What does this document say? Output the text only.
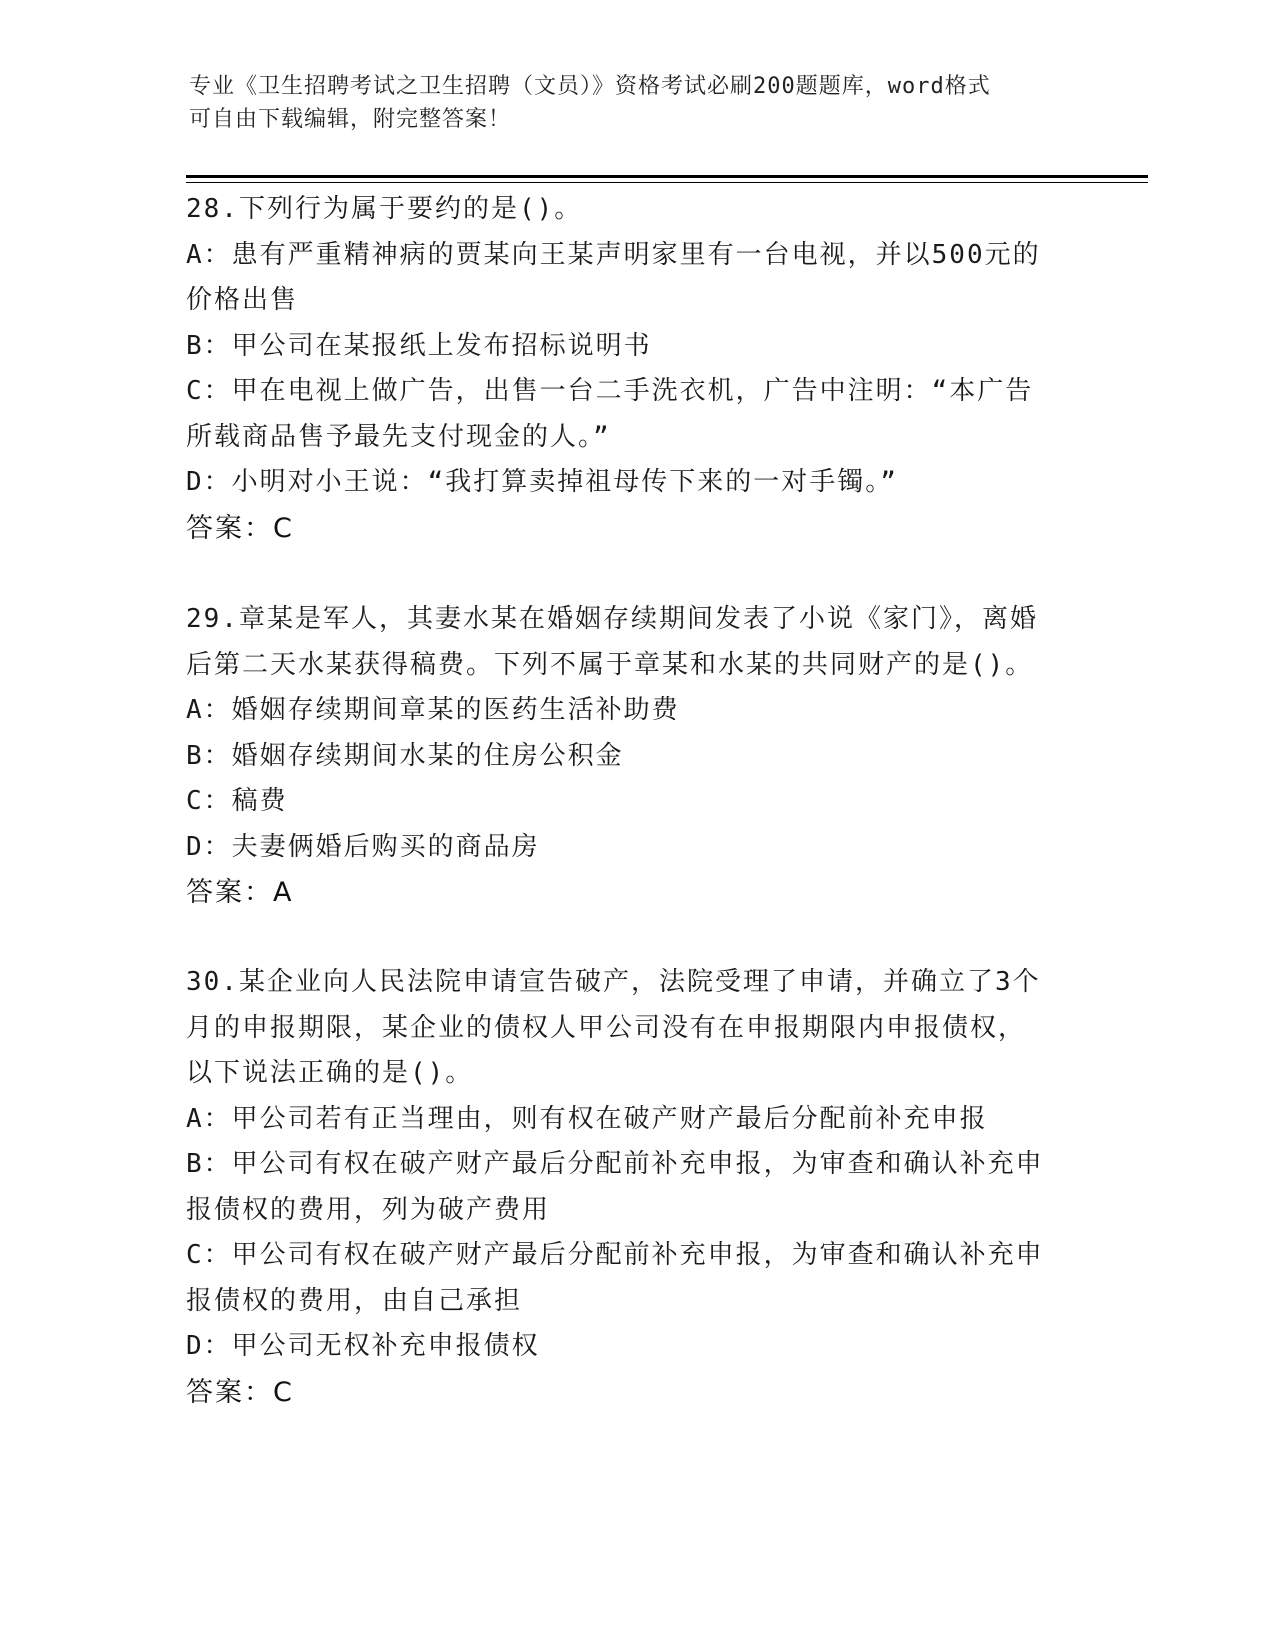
专业《卫生招聘考试之卫生招聘（文员）》资格考试必刷200题题库，word格式
可自由下载编辑，附完整答案！
28.下列行为属于要约的是()。
A：患有严重精神病的贾某向王某声明家里有一台电视，并以500元的
价格出售
B：甲公司在某报纸上发布招标说明书
C：甲在电视上做广告，出售一台二手洗衣机，广告中注明：“本广告
所载商品售予最先支付现金的人。”
D：小明对小王说：“我打算卖掉祖母传下来的一对手镯。”
答案：C
29.章某是军人，其妻水某在婚姻存续期间发表了小说《家门》，离婚
后第二天水某获得稿费。下列不属于章某和水某的共同财产的是()。
A：婚姻存续期间章某的医药生活补助费
B：婚姻存续期间水某的住房公积金
C：稿费
D：夫妻俩婚后购买的商品房
答案：A
30.某企业向人民法院申请宣告破产，法院受理了申请，并确立了3个
月的申报期限，某企业的债权人甲公司没有在申报期限内申报债权，
以下说法正确的是()。
A：甲公司若有正当理由，则有权在破产财产最后分配前补充申报
B：甲公司有权在破产财产最后分配前补充申报，为审查和确认补充申
报债权的费用，列为破产费用
C：甲公司有权在破产财产最后分配前补充申报，为审查和确认补充申
报债权的费用，由自己承担
D：甲公司无权补充申报债权
答案：C
